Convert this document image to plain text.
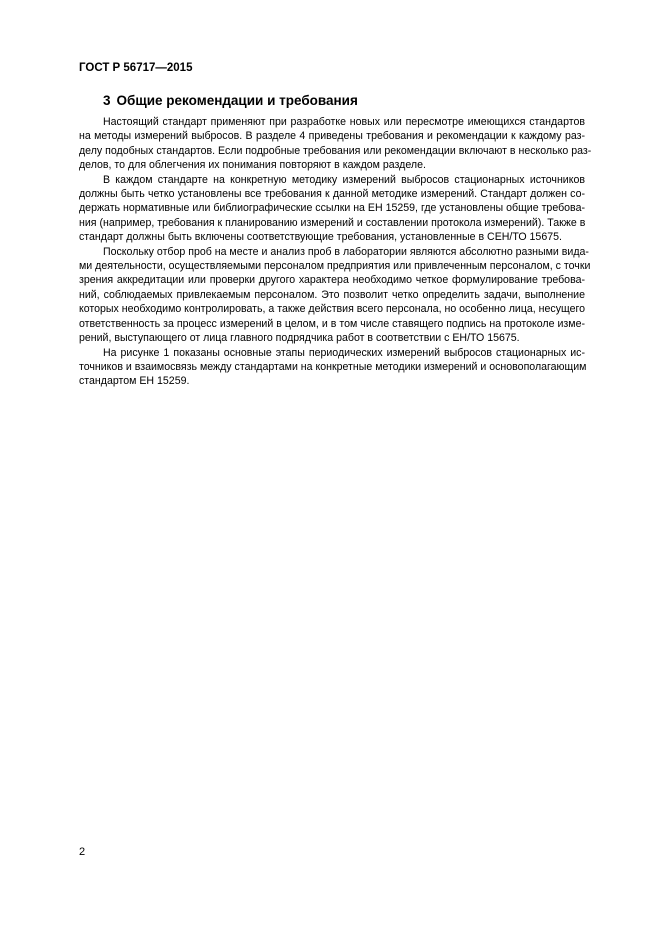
ГОСТ Р 56717—2015
3 Общие рекомендации и требования
Настоящий стандарт применяют при разработке новых или пересмотре имеющихся стандартов
на методы измерений выбросов. В разделе 4 приведены требования и рекомендации к каждому раз-
делу подобных стандартов. Если подробные требования или рекомендации включают в несколько раз-
делов, то для облегчения их понимания повторяют в каждом разделе.
В каждом стандарте на конкретную методику измерений выбросов стационарных источников
должны быть четко установлены все требования к данной методике измерений. Стандарт должен со-
держать нормативные или библиографические ссылки на ЕН 15259, где установлены общие требова-
ния (например, требования к планированию измерений и составлении протокола измерений). Также в
стандарт должны быть включены соответствующие требования, установленные в СЕН/ТО 15675.
Поскольку отбор проб на месте и анализ проб в лаборатории являются абсолютно разными вида-
ми деятельности, осуществляемыми персоналом предприятия или привлеченным персоналом, с точки
зрения аккредитации или проверки другого характера необходимо четкое формулирование требова-
ний, соблюдаемых привлекаемым персоналом. Это позволит четко определить задачи, выполнение
которых необходимо контролировать, а также действия всего персонала, но особенно лица, несущего
ответственность за процесс измерений в целом, и в том числе ставящего подпись на протоколе изме-
рений, выступающего от лица главного подрядчика работ в соответствии с ЕН/ТО 15675.
На рисунке 1 показаны основные этапы периодических измерений выбросов стационарных ис-
точников и взаимосвязь между стандартами на конкретные методики измерений и основополагающим
стандартом ЕН 15259.
2
